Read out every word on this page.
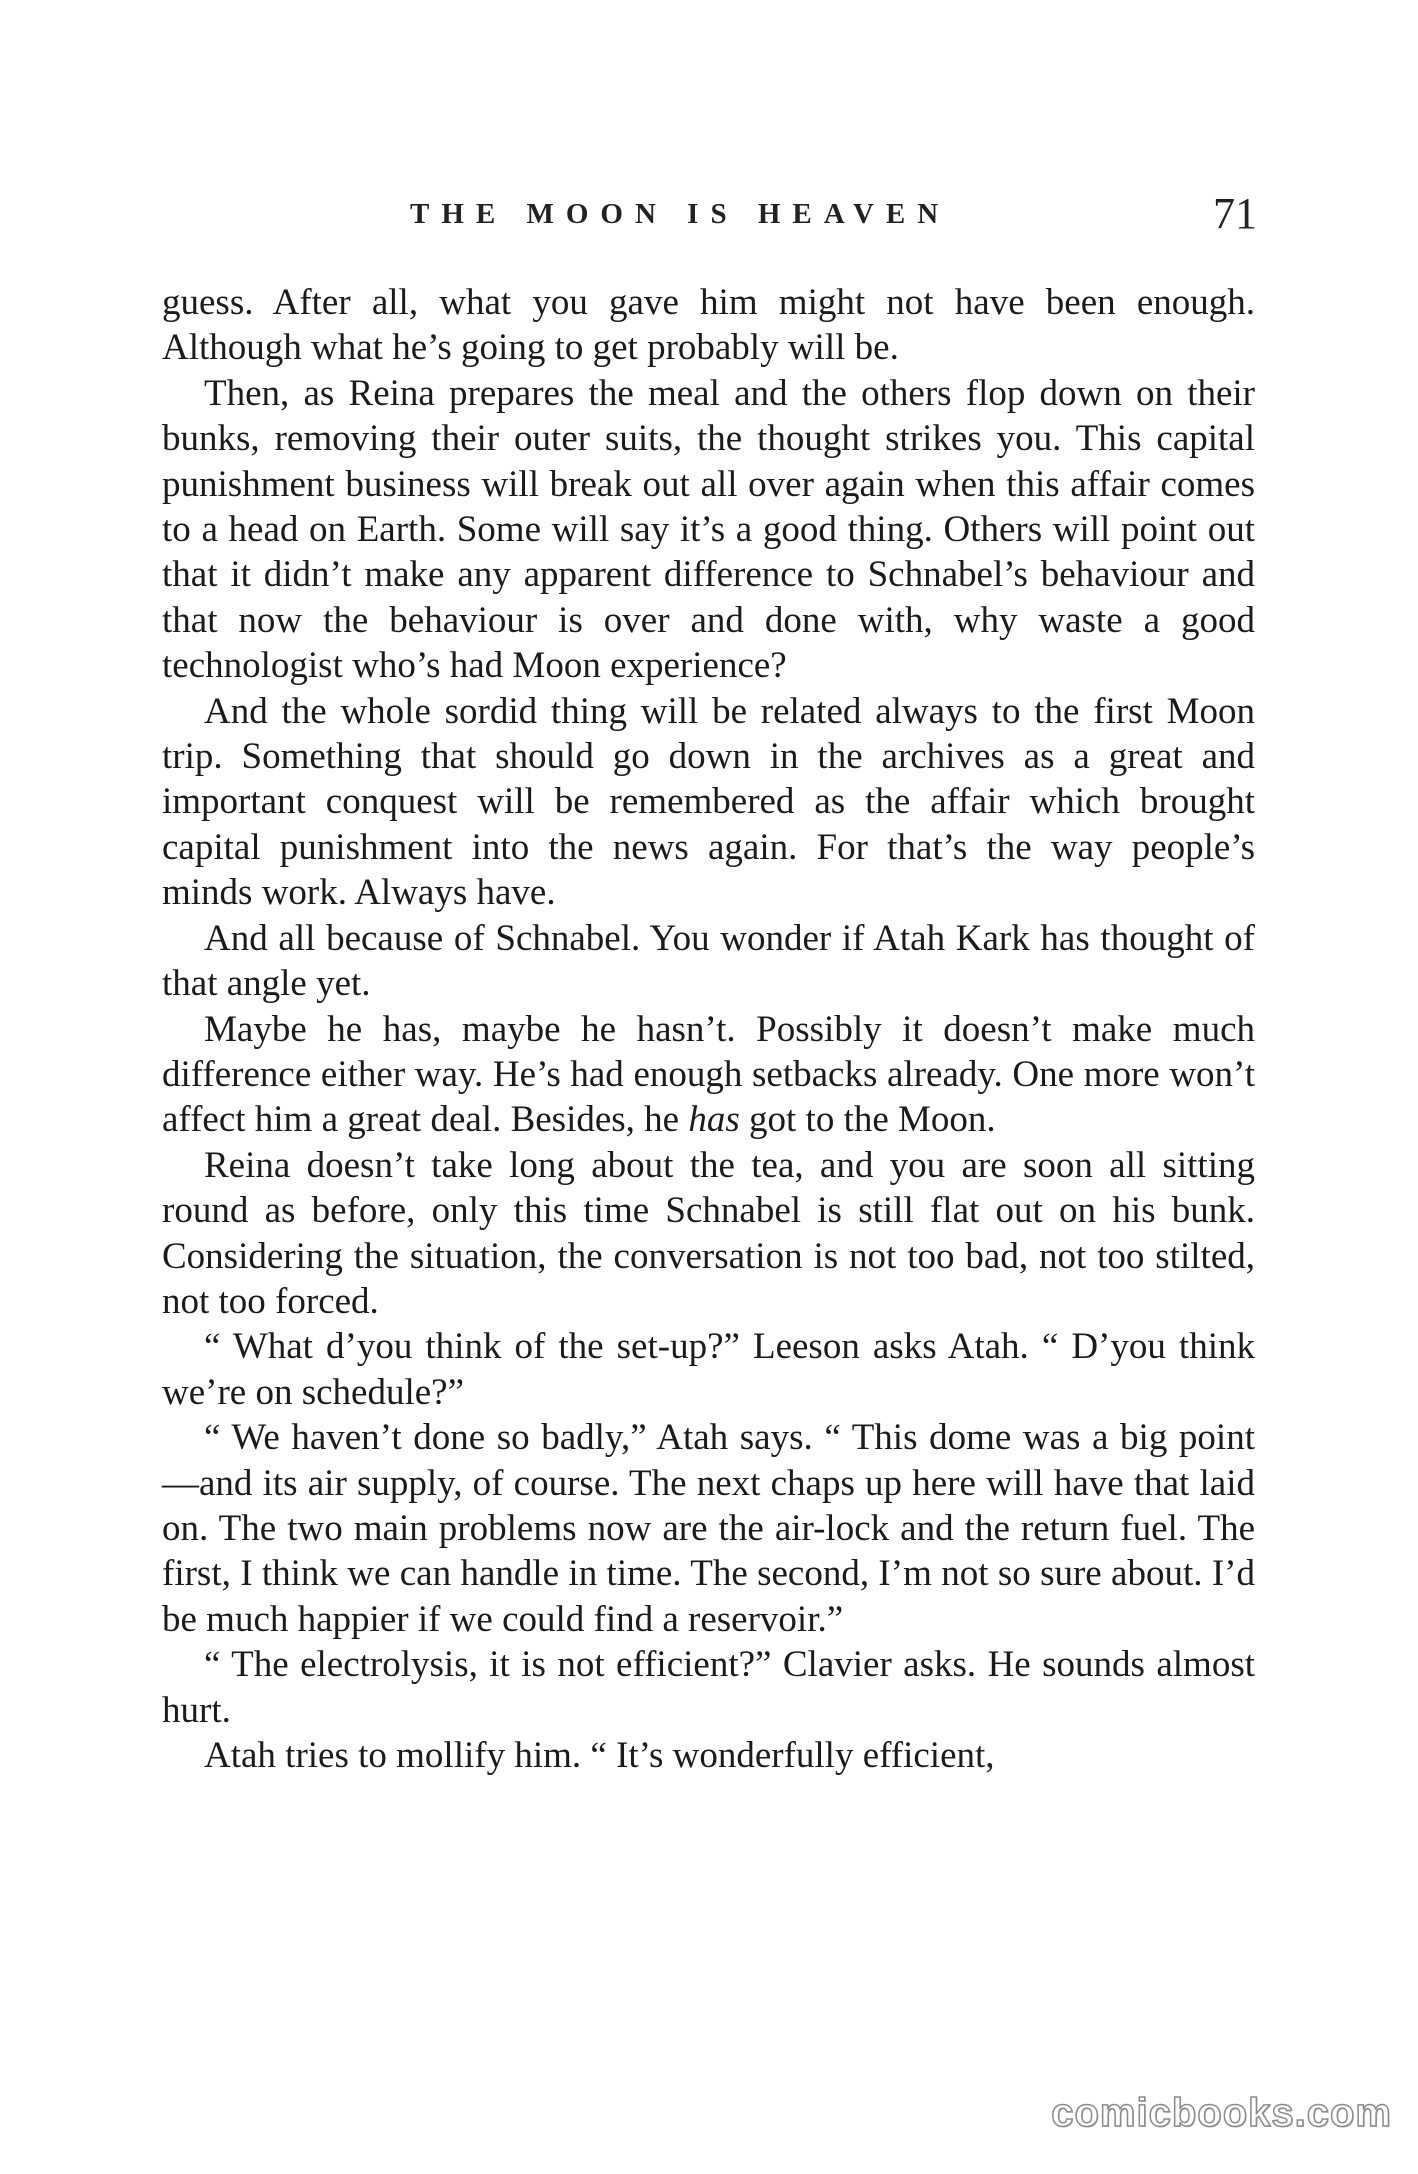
THE MOON IS HEAVEN	71

guess. After all, what you gave him might not have been enough. Although what he’s going to get probably will be.

Then, as Reina prepares the meal and the others flop down on their bunks, removing their outer suits, the thought strikes you. This capital punishment business will break out all over again when this affair comes to a head on Earth. Some will say it’s a good thing. Others will point out that it didn’t make any apparent difference to Schnabel’s behaviour and that now the behaviour is over and done with, why waste a good technologist who’s had Moon experience?

And the whole sordid thing will be related always to the first Moon trip. Something that should go down in the archives as a great and important conquest will be remembered as the affair which brought capital punishment into the news again. For that’s the way people’s minds work. Always have.

And all because of Schnabel. You wonder if Atah Kark has thought of that angle yet.

Maybe he has, maybe he hasn’t. Possibly it doesn’t make much difference either way. He’s had enough setbacks already. One more won’t affect him a great deal. Besides, he has got to the Moon.

Reina doesn’t take long about the tea, and you are soon all sitting round as before, only this time Schnabel is still flat out on his bunk. Considering the situation, the conversation is not too bad, not too stilted, not too forced.

“ What d’you think of the set-up?” Leeson asks Atah. “ D’you think we’re on schedule?”

“ We haven’t done so badly,” Atah says. “ This dome was a big point—and its air supply, of course. The next chaps up here will have that laid on. The two main problems now are the air-lock and the return fuel. The first, I think we can handle in time. The second, I’m not so sure about. I’d be much happier if we could find a reservoir.”

“ The electrolysis, it is not efficient?” Clavier asks. He sounds almost hurt.

Atah tries to mollify him. “ It’s wonderfully efficient,

comicbooks.com
